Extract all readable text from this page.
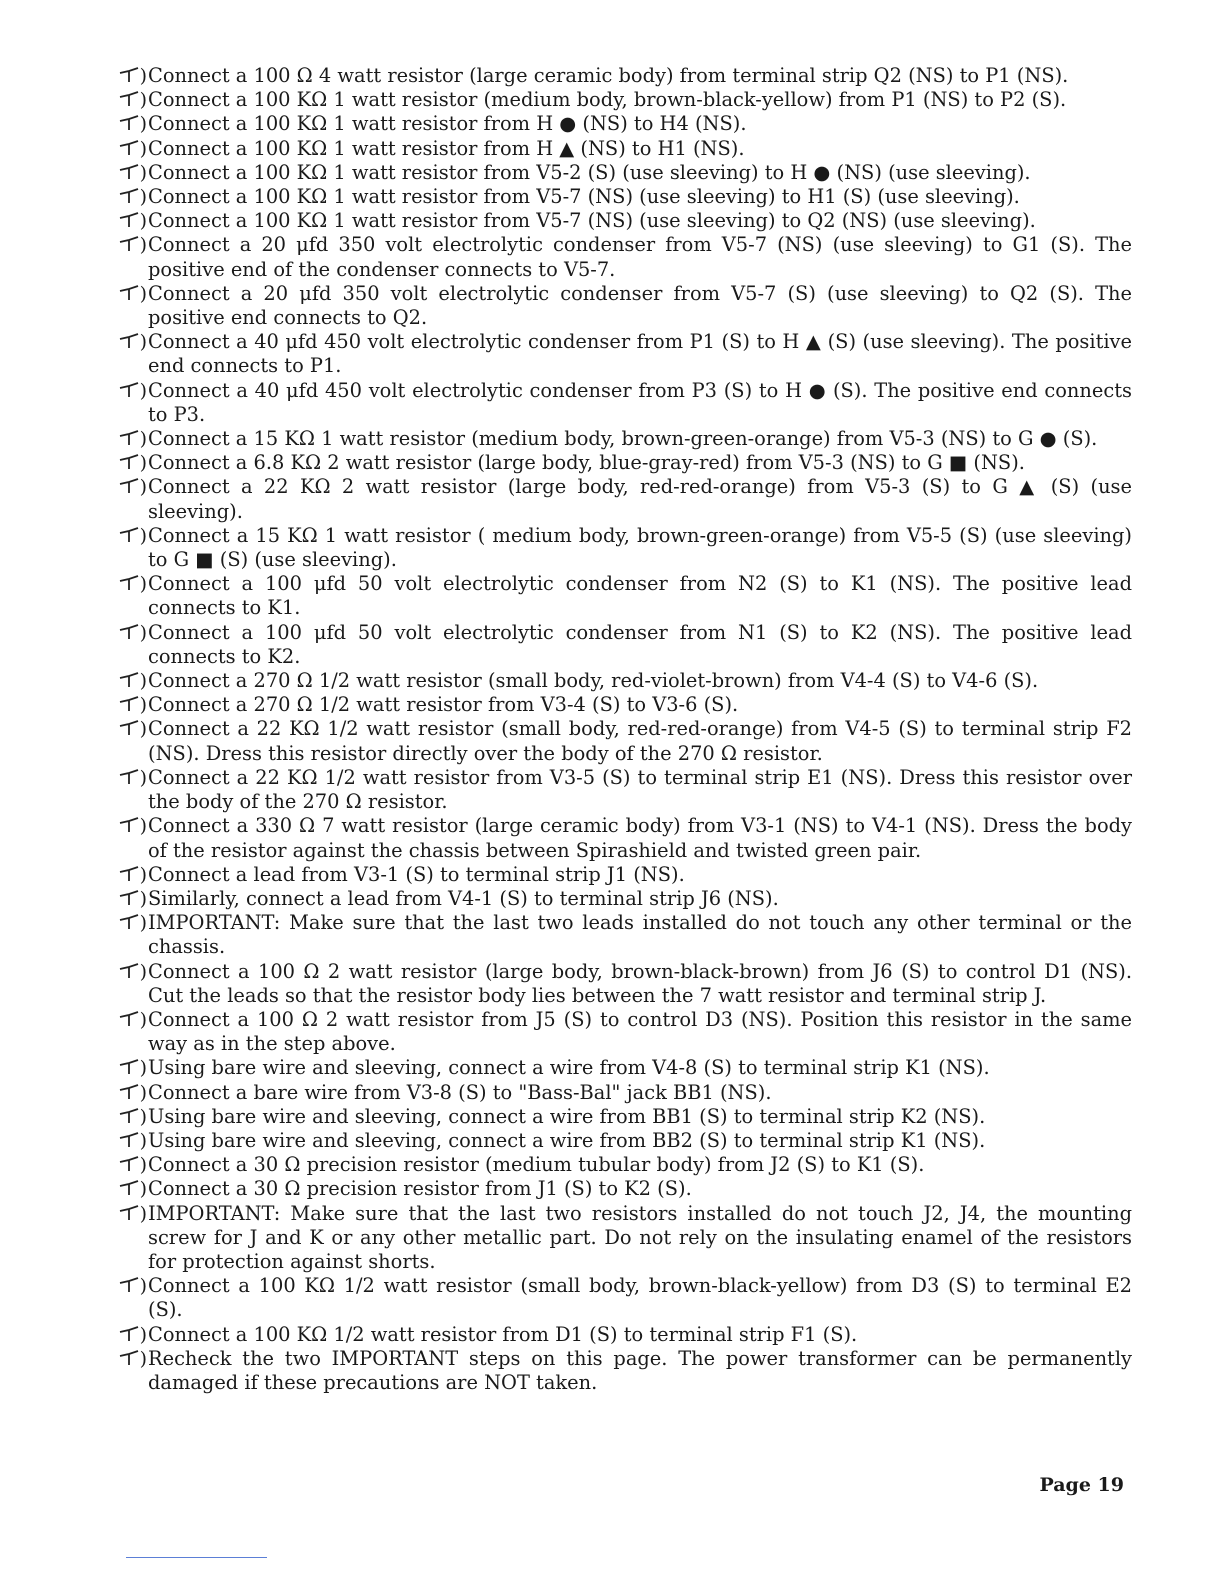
) Connect a 100 Ω 4 watt resistor (large ceramic body) from terminal strip Q2 (NS) to P1 (NS).
) Connect a 100 KΩ 1 watt resistor (medium body, brown-black-yellow) from P1 (NS) to P2 (S).
) Connect a 100 KΩ 1 watt resistor from H ● (NS) to H4 (NS).
) Connect a 100 KΩ 1 watt resistor from H ▲ (NS) to H1 (NS).
) Connect a 100 KΩ 1 watt resistor from V5-2 (S) (use sleeving) to H ● (NS) (use sleeving).
) Connect a 100 KΩ 1 watt resistor from V5-7 (NS) (use sleeving) to H1 (S) (use sleeving).
) Connect a 100 KΩ 1 watt resistor from V5-7 (NS) (use sleeving) to Q2 (NS) (use sleeving).
) Connect a 20 μfd 350 volt electrolytic condenser from V5-7 (NS) (use sleeving) to G1 (S). The positive end of the condenser connects to V5-7.
) Connect a 20 μfd 350 volt electrolytic condenser from V5-7 (S) (use sleeving) to Q2 (S). The positive end connects to Q2.
) Connect a 40 μfd 450 volt electrolytic condenser from P1 (S) to H ▲ (S) (use sleeving). The positive end connects to P1.
) Connect a 40 μfd 450 volt electrolytic condenser from P3 (S) to H ● (S). The positive end connects to P3.
) Connect a 15 KΩ 1 watt resistor (medium body, brown-green-orange) from V5-3 (NS) to G ● (S).
) Connect a 6.8 KΩ 2 watt resistor (large body, blue-gray-red) from V5-3 (NS) to G ■ (NS).
) Connect a 22 KΩ 2 watt resistor (large body, red-red-orange) from V5-3 (S) to G ▲ (S) (use sleeving).
) Connect a 15 KΩ 1 watt resistor ( medium body, brown-green-orange) from V5-5 (S) (use sleeving) to G ■ (S) (use sleeving).
) Connect a 100 μfd 50 volt electrolytic condenser from N2 (S) to K1 (NS). The positive lead connects to K1.
) Connect a 100 μfd 50 volt electrolytic condenser from N1 (S) to K2 (NS). The positive lead connects to K2.
) Connect a 270 Ω 1/2 watt resistor (small body, red-violet-brown) from V4-4 (S) to V4-6 (S).
) Connect a 270 Ω 1/2 watt resistor from V3-4 (S) to V3-6 (S).
) Connect a 22 KΩ 1/2 watt resistor (small body, red-red-orange) from V4-5 (S) to terminal strip F2 (NS). Dress this resistor directly over the body of the 270 Ω resistor.
) Connect a 22 KΩ 1/2 watt resistor from V3-5 (S) to terminal strip E1 (NS). Dress this resistor over the body of the 270 Ω resistor.
) Connect a 330 Ω 7 watt resistor (large ceramic body) from V3-1 (NS) to V4-1 (NS). Dress the body of the resistor against the chassis between Spirashield and twisted green pair.
) Connect a lead from V3-1 (S) to terminal strip J1 (NS).
) Similarly, connect a lead from V4-1 (S) to terminal strip J6 (NS).
) IMPORTANT: Make sure that the last two leads installed do not touch any other terminal or the chassis.
) Connect a 100 Ω 2 watt resistor (large body, brown-black-brown) from J6 (S) to control D1 (NS). Cut the leads so that the resistor body lies between the 7 watt resistor and terminal strip J.
) Connect a 100 Ω 2 watt resistor from J5 (S) to control D3 (NS). Position this resistor in the same way as in the step above.
) Using bare wire and sleeving, connect a wire from V4-8 (S) to terminal strip K1 (NS).
) Connect a bare wire from V3-8 (S) to "Bass-Bal" jack BB1 (NS).
) Using bare wire and sleeving, connect a wire from BB1 (S) to terminal strip K2 (NS).
) Using bare wire and sleeving, connect a wire from BB2 (S) to terminal strip K1 (NS).
) Connect a 30 Ω precision resistor (medium tubular body) from J2 (S) to K1 (S).
) Connect a 30 Ω precision resistor from J1 (S) to K2 (S).
) IMPORTANT: Make sure that the last two resistors installed do not touch J2, J4, the mounting screw for J and K or any other metallic part. Do not rely on the insulating enamel of the resistors for protection against shorts.
) Connect a 100 KΩ 1/2 watt resistor (small body, brown-black-yellow) from D3 (S) to terminal E2 (S).
) Connect a 100 KΩ 1/2 watt resistor from D1 (S) to terminal strip F1 (S).
) Recheck the two IMPORTANT steps on this page. The power transformer can be permanently damaged if these precautions are NOT taken.
Page 19
